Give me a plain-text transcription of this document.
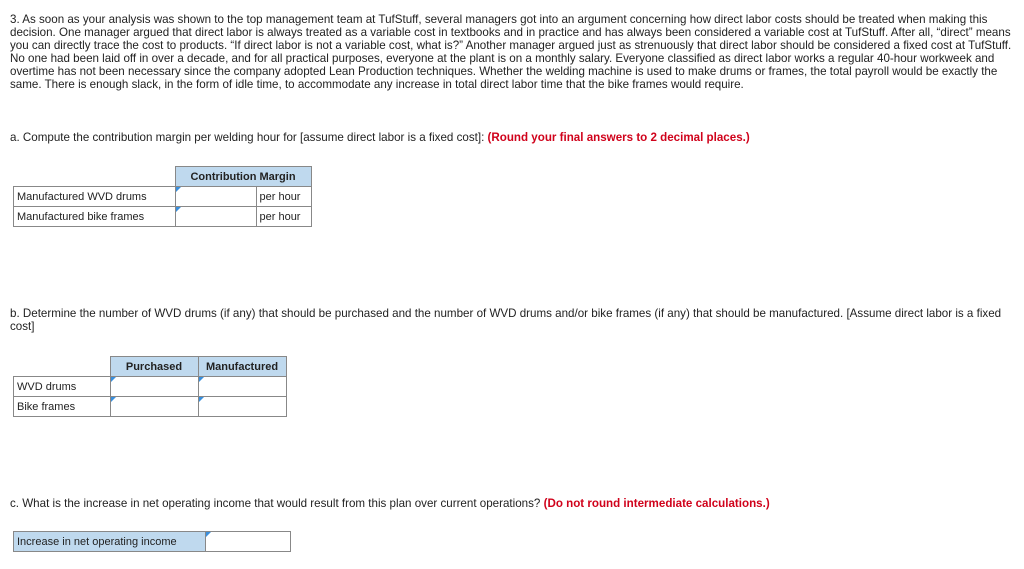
3. As soon as your analysis was shown to the top management team at TufStuff, several managers got into an argument concerning how direct labor costs should be treated when making this decision. One manager argued that direct labor is always treated as a variable cost in textbooks and in practice and has always been considered a variable cost at TufStuff. After all, “direct” means you can directly trace the cost to products. “If direct labor is not a variable cost, what is?” Another manager argued just as strenuously that direct labor should be considered a fixed cost at TufStuff. No one had been laid off in over a decade, and for all practical purposes, everyone at the plant is on a monthly salary. Everyone classified as direct labor works a regular 40-hour workweek and overtime has not been necessary since the company adopted Lean Production techniques. Whether the welding machine is used to make drums or frames, the total payroll would be exactly the same. There is enough slack, in the form of idle time, to accommodate any increase in total direct labor time that the bike frames would require.
a. Compute the contribution margin per welding hour for [assume direct labor is a fixed cost]: (Round your final answers to 2 decimal places.)
	Contribution Margin	
Manufactured WVD drums		per hour
Manufactured bike frames		per hour
b. Determine the number of WVD drums (if any) that should be purchased and the number of WVD drums and/or bike frames (if any) that should be manufactured. [Assume direct labor is a fixed cost]
	Purchased	Manufactured
WVD drums		
Bike frames		
c. What is the increase in net operating income that would result from this plan over current operations? (Do not round intermediate calculations.)
Increase in net operating income	
